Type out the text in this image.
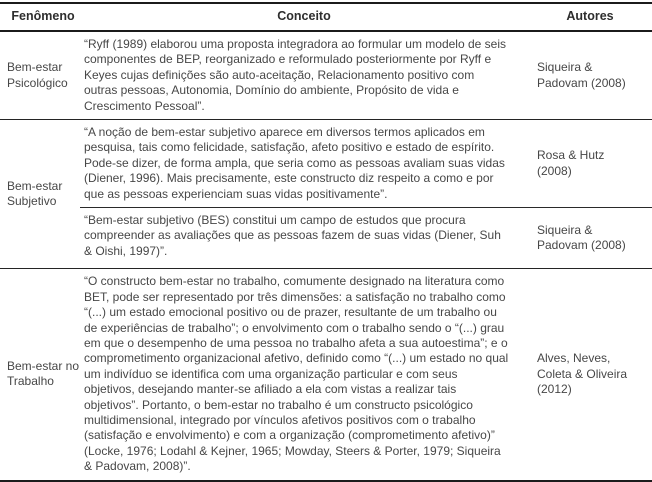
Fenômeno	Conceito	Autores
Bem-estar Psicológico	“Ryff (1989) elaborou uma proposta integradora ao formular um modelo de seis componentes de BEP, reorganizado e reformulado posteriormente por Ryff e Keyes cujas definições são auto-aceitação, Relacionamento positivo com outras pessoas, Autonomia, Domínio do ambiente, Propósito de vida e Crescimento Pessoal”.	Siqueira & Padovam (2008)
Bem-estar Subjetivo	“A noção de bem-estar subjetivo aparece em diversos termos aplicados em pesquisa, tais como felicidade, satisfação, afeto positivo e estado de espírito. Pode-se dizer, de forma ampla, que seria como as pessoas avaliam suas vidas (Diener, 1996). Mais precisamente, este constructo diz respeito a como e por que as pessoas experienciam suas vidas positivamente”.	Rosa & Hutz (2008)
	“Bem-estar subjetivo (BES) constitui um campo de estudos que procura compreender as avaliações que as pessoas fazem de suas vidas (Diener, Suh & Oishi, 1997)”.	Siqueira & Padovam (2008)
Bem-estar no Trabalho	“O constructo bem-estar no trabalho, comumente designado na literatura como BET, pode ser representado por três dimensões: a satisfação no trabalho como “(...) um estado emocional positivo ou de prazer, resultante de um trabalho ou de experiências de trabalho”; o envolvimento com o trabalho sendo o “(...) grau em que o desempenho de uma pessoa no trabalho afeta a sua autoestima”; e o comprometimento organizacional afetivo, definido como “(...) um estado no qual um indivíduo se identifica com uma organização particular e com seus objetivos, desejando manter-se afiliado a ela com vistas a realizar tais objetivos”. Portanto, o bem-estar no trabalho é um constructo psicológico multidimensional, integrado por vínculos afetivos positivos com o trabalho (satisfação e envolvimento) e com a organização (comprometimento afetivo)” (Locke, 1976; Lodahl & Kejner, 1965; Mowday, Steers & Porter, 1979; Siqueira & Padovam, 2008)”.	Alves, Neves, Coleta & Oliveira (2012)
